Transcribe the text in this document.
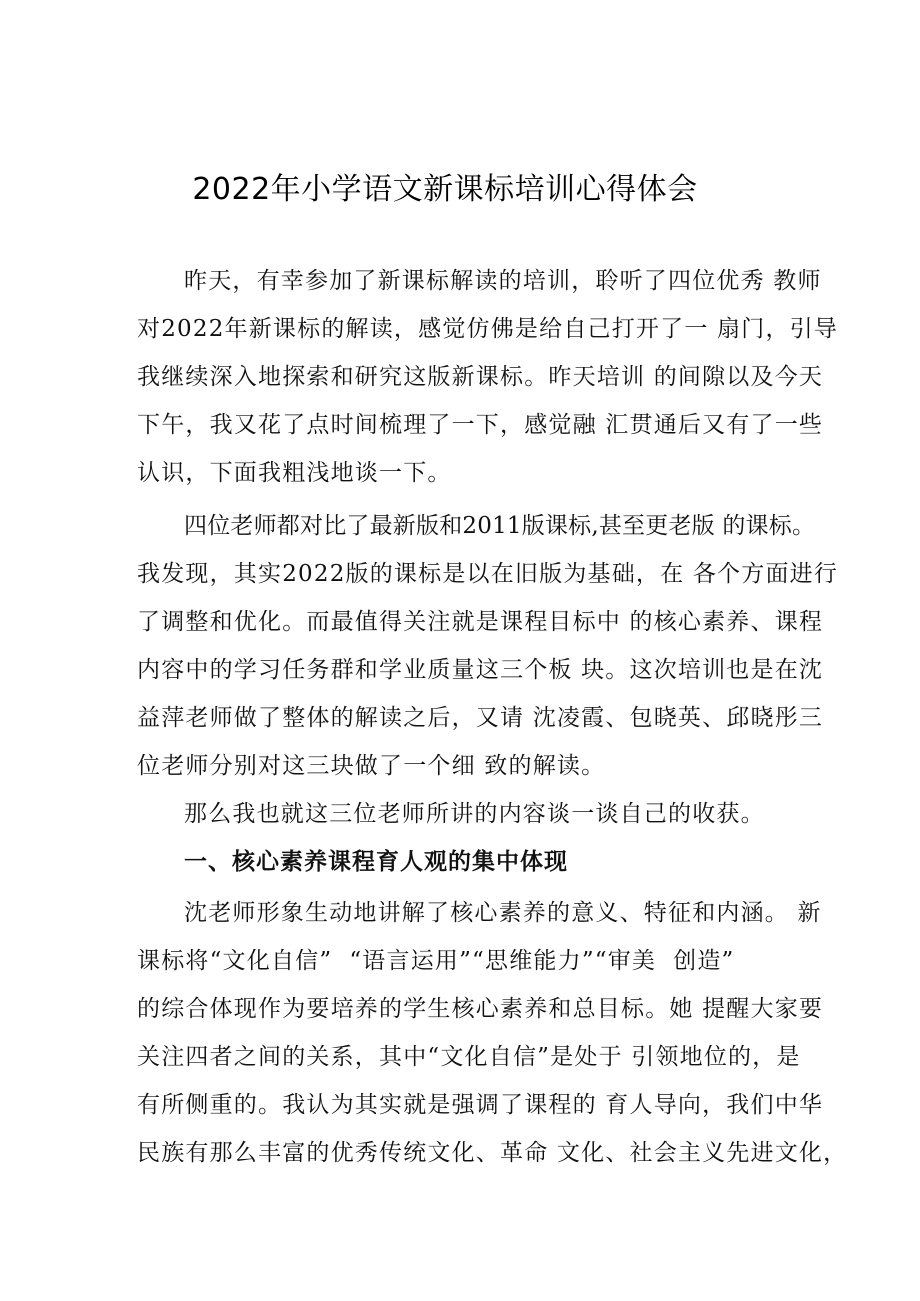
2022年小学语文新课标培训心得体会
昨天，有幸参加了新课标解读的培训，聆听了四位优秀 教师
对2022年新课标的解读，感觉仿佛是给自己打开了一 扇门，引导
我继续深入地探索和研究这版新课标。昨天培训 的间隙以及今天
下午，我又花了点时间梳理了一下，感觉融 汇贯通后又有了一些
认识，下面我粗浅地谈一下。
四位老师都对比了最新版和2011版课标,甚至更老版 的课标。
我发现，其实2022版的课标是以在旧版为基础，在 各个方面进行
了调整和优化。而最值得关注就是课程目标中 的核心素养、课程
内容中的学习任务群和学业质量这三个板 块。这次培训也是在沈
益萍老师做了整体的解读之后，又请 沈凌霞、包晓英、邱晓彤三
位老师分别对这三块做了一个细 致的解读。
那么我也就这三位老师所讲的内容谈一谈自己的收获。
一、核心素养课程育人观的集中体现
沈老师形象生动地讲解了核心素养的意义、特征和内涵。 新
课标将“文化自信”  “语言运用”“思维能力”“审美  创造”
的综合体现作为要培养的学生核心素养和总目标。她 提醒大家要
关注四者之间的关系，其中“文化自信”是处于 引领地位的，是
有所侧重的。我认为其实就是强调了课程的 育人导向，我们中华
民族有那么丰富的优秀传统文化、革命 文化、社会主义先进文化，
